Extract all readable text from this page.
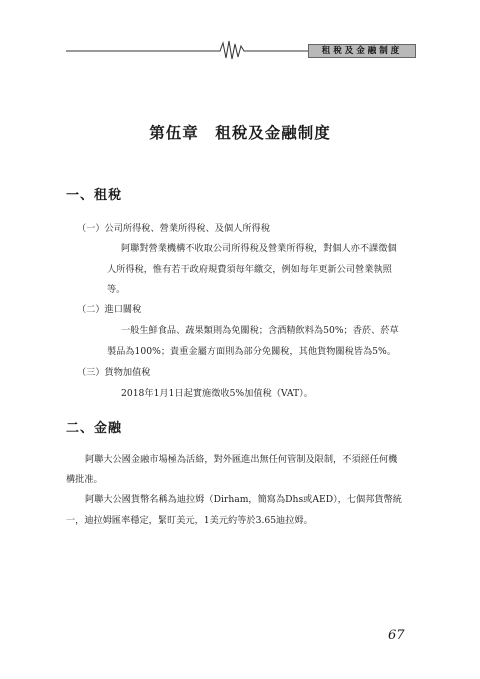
租稅及金融制度
第伍章　租稅及金融制度
一、租稅
（一）公司所得稅、營業所得稅、及個人所得稅
阿聯對營業機構不收取公司所得稅及營業所得稅，對個人亦不課徵個
人所得稅，惟有若干政府規費須每年繳交，例如每年更新公司營業執照
等。
（二）進口關稅
一般生鮮食品、蔬果類則為免關稅；含酒精飲料為50%；香菸、菸草
製品為100%；貴重金屬方面則為部分免關稅，其他貨物關稅皆為5%。
（三）貨物加值稅
2018年1月1日起實施徵收5%加值稅（VAT）。
二、金融
阿聯大公國金融市場極為活絡，對外匯進出無任何管制及限制，不須經任何機
構批准。
阿聯大公國貨幣名稱為迪拉姆（Dirham，簡寫為Dhs或AED），七個邦貨幣統
一，迪拉姆匯率穩定，緊盯美元，1美元約等於3.65迪拉姆。
67
